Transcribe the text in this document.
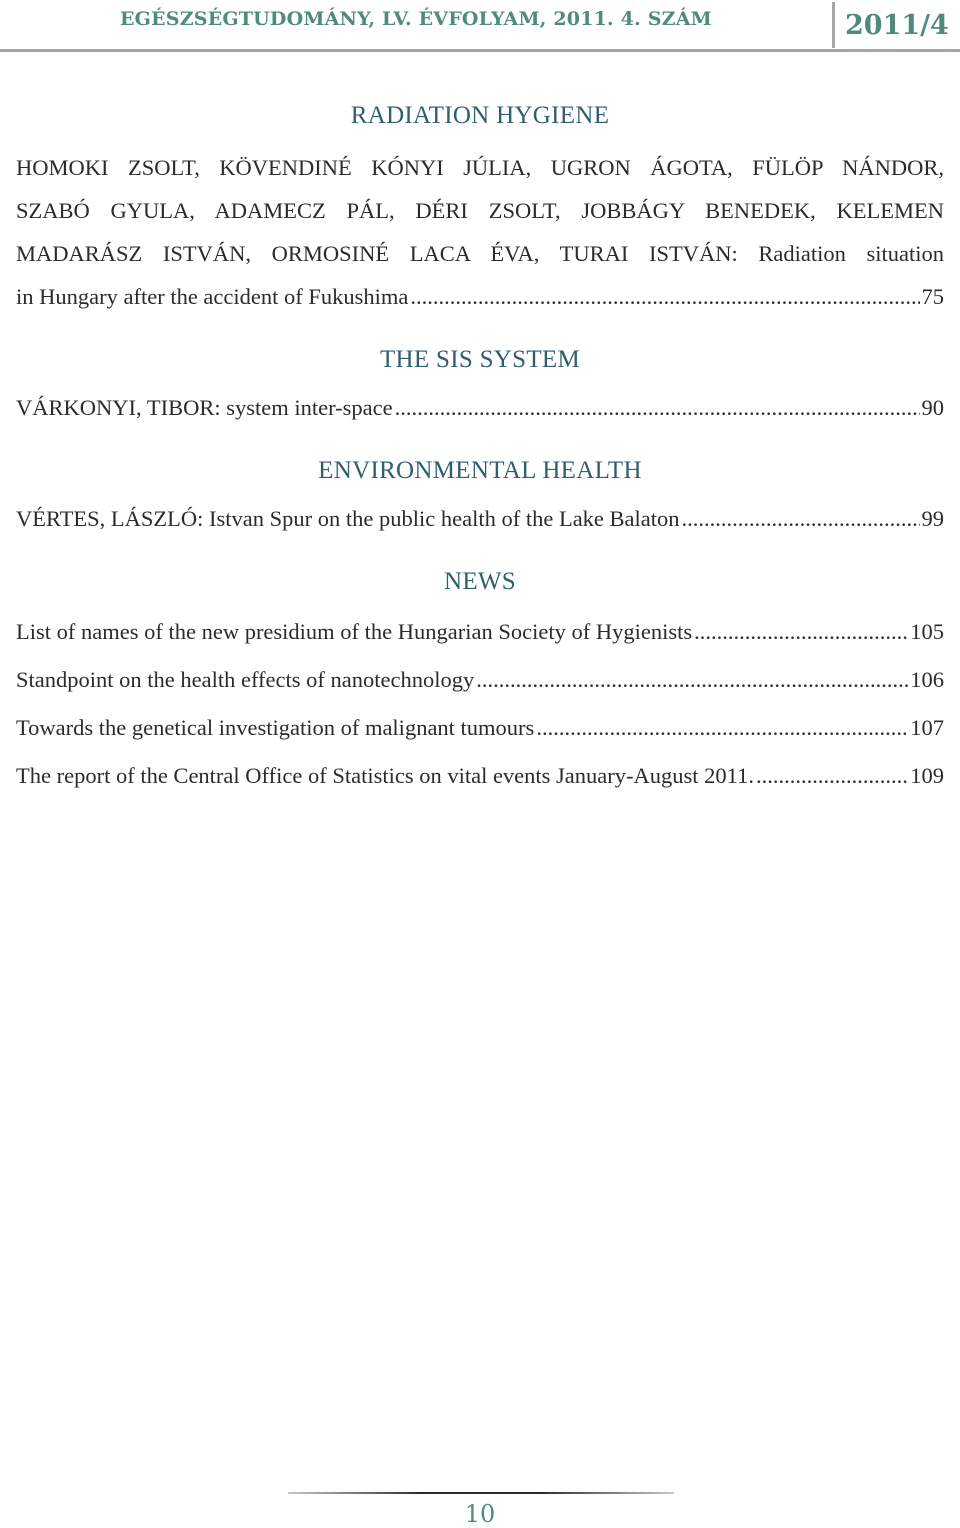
EGÉSZSÉGTUDOMÁNY, LV. ÉVFOLYAM, 2011. 4. SZÁM	2011/4
RADIATION HYGIENE
HOMOKI ZSOLT, KÖVENDINÉ KÓNYI JÚLIA, UGRON ÁGOTA, FÜLÖP NÁNDOR,
SZABÓ GYULA, ADAMECZ PÁL, DÉRI ZSOLT, JOBBÁGY BENEDEK, KELEMEN
MADARÁSZ ISTVÁN, ORMOSINÉ LACA ÉVA, TURAI ISTVÁN: Radiation situation
in Hungary after the accident of Fukushima .....	75
THE SIS SYSTEM
VÁRKONYI, TIBOR: system inter-space .....	90
ENVIRONMENTAL HEALTH
VÉRTES, LÁSZLÓ: Istvan Spur on the public health of the Lake Balaton .....	99
NEWS
List of names of the new presidium of the Hungarian Society of Hygienists .....	105
Standpoint on the health effects of nanotechnology .....	106
Towards the genetical investigation of malignant tumours .....	107
The report of the Central Office of Statistics on vital events January-August 2011. .....	109
10
